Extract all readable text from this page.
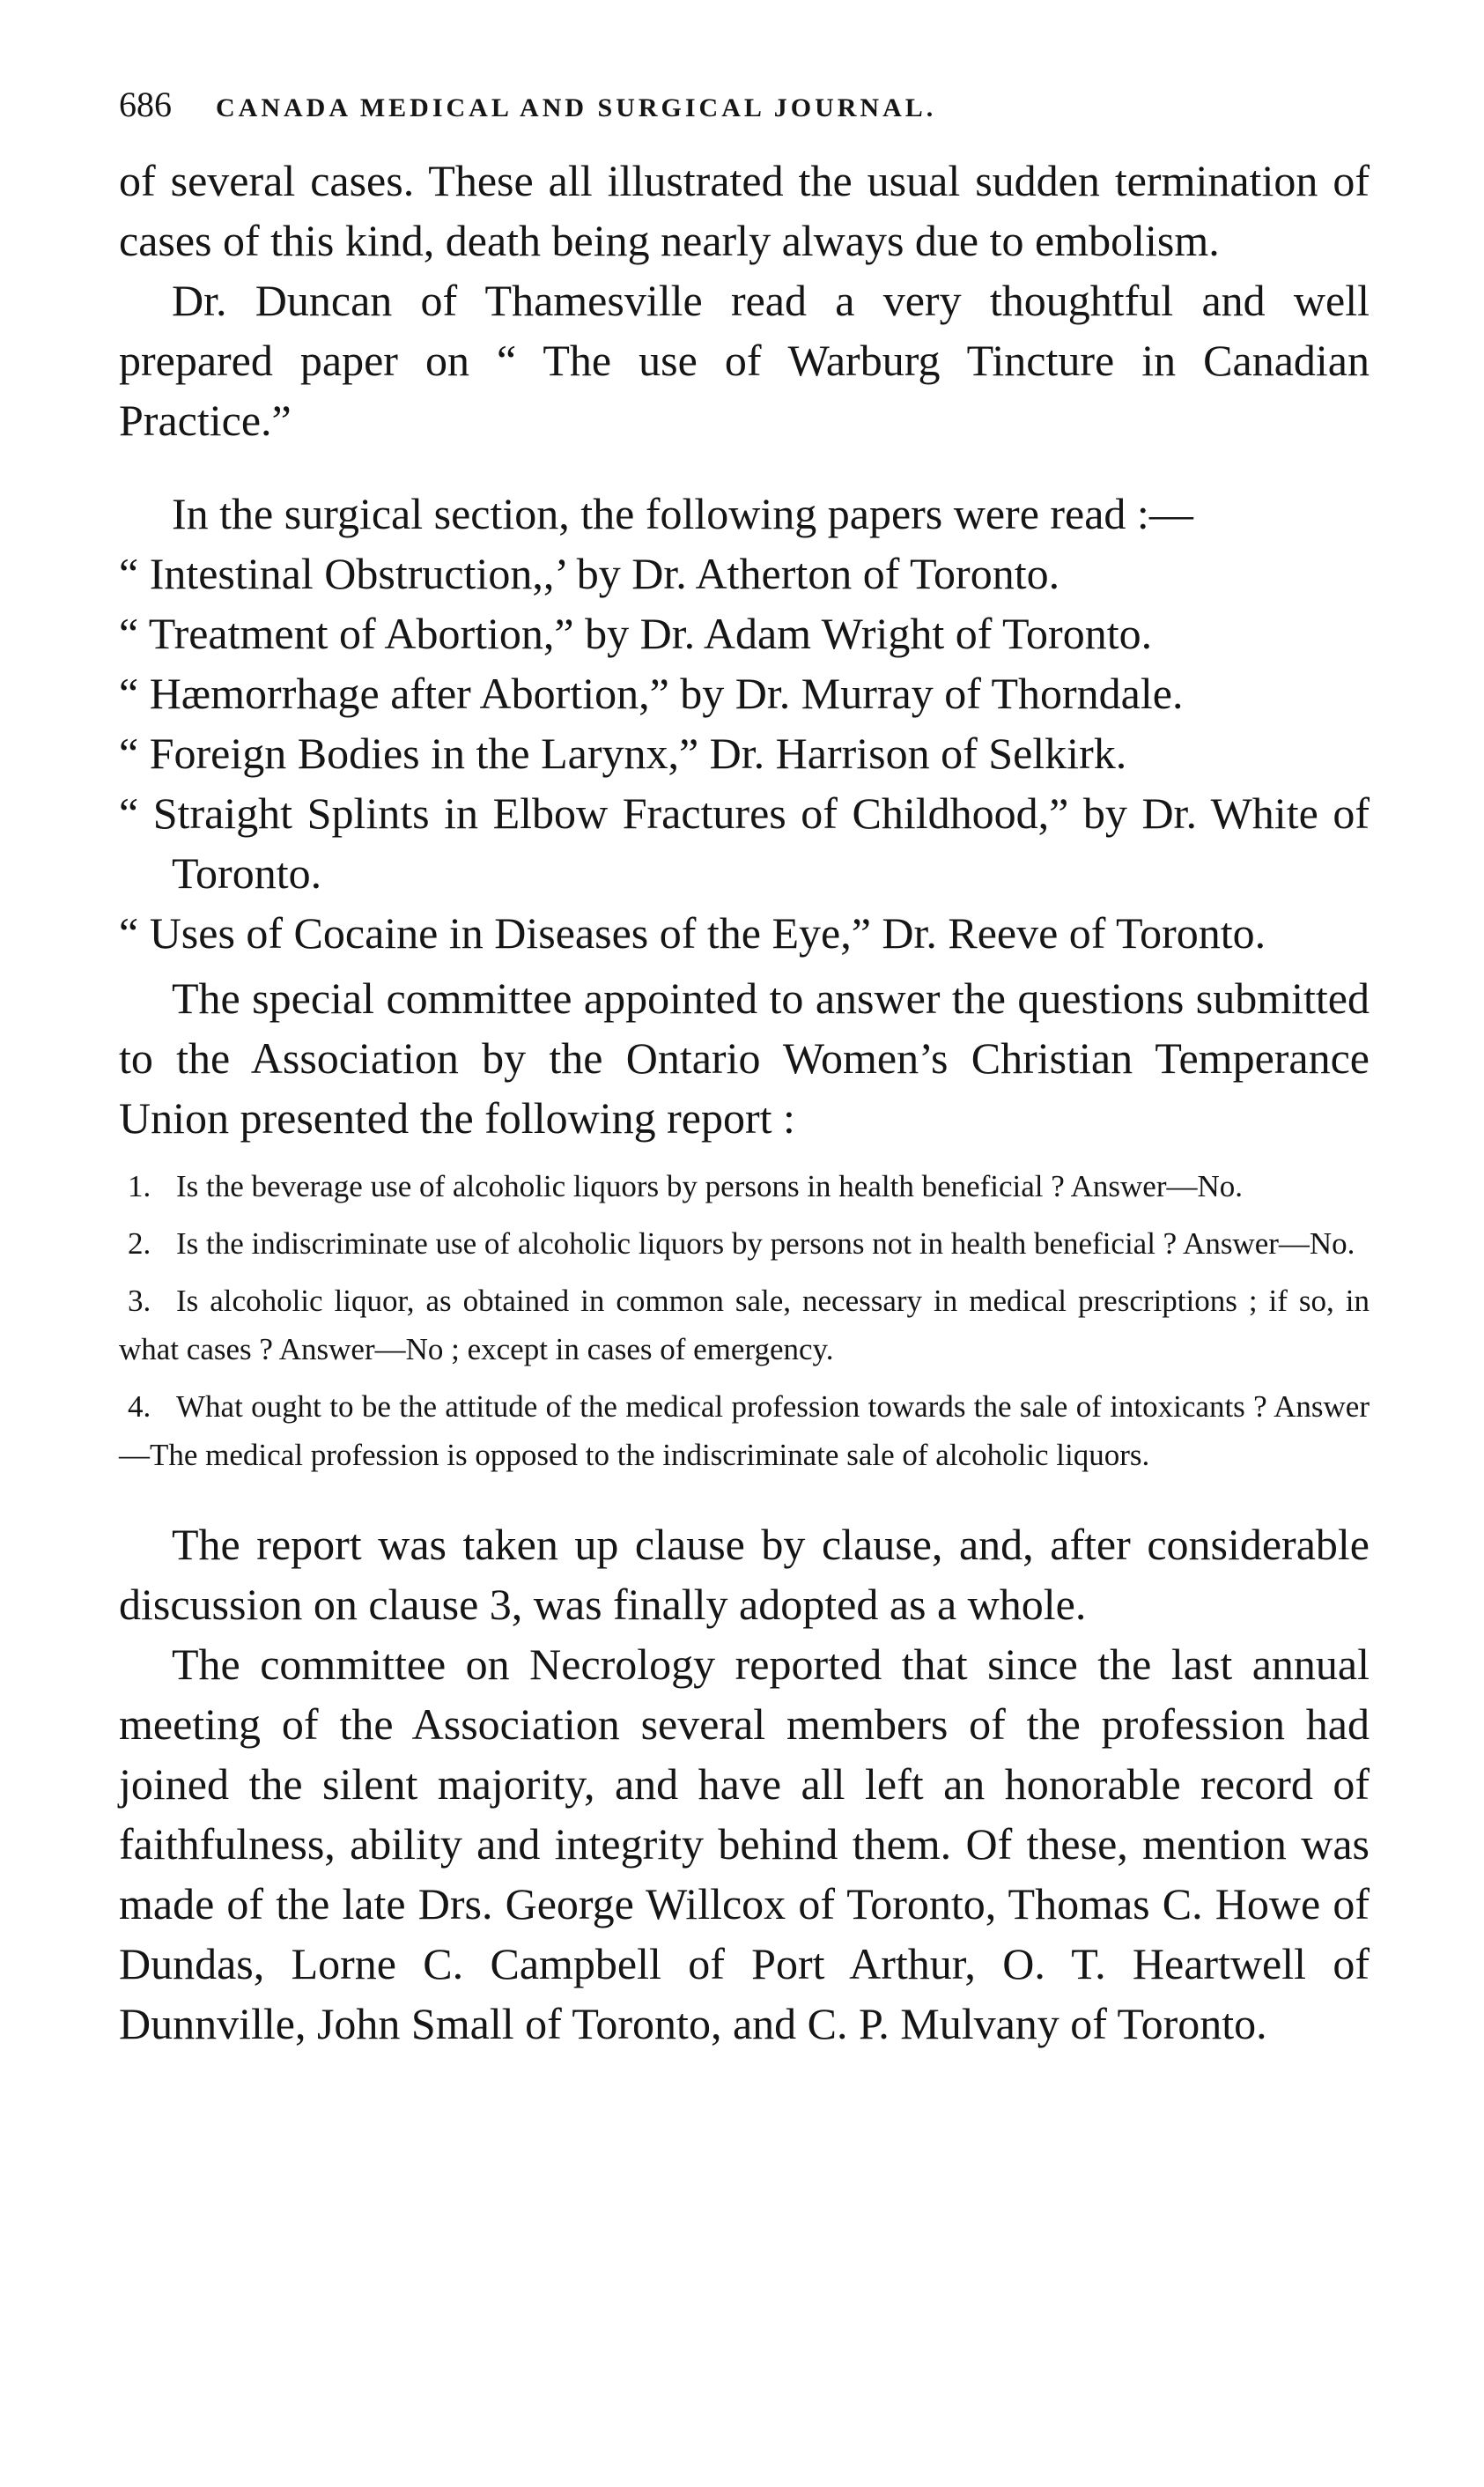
686	CANADA MEDICAL AND SURGICAL JOURNAL.

of several cases. These all illustrated the usual sudden termination of cases of this kind, death being nearly always due to embolism.

Dr. Duncan of Thamesville read a very thoughtful and well prepared paper on “ The use of Warburg Tincture in Canadian Practice.”

In the surgical section, the following papers were read :—

“ Intestinal Obstruction,,’ by Dr. Atherton of Toronto.
“ Treatment of Abortion,” by Dr. Adam Wright of Toronto.
“ Hæmorrhage after Abortion,” by Dr. Murray of Thorndale.
“ Foreign Bodies in the Larynx,” Dr. Harrison of Selkirk.
“ Straight Splints in Elbow Fractures of Childhood,” by Dr. White of Toronto.
“ Uses of Cocaine in Diseases of the Eye,” Dr. Reeve of Toronto.

The special committee appointed to answer the questions submitted to the Association by the Ontario Women’s Christian Temperance Union presented the following report :

1. Is the beverage use of alcoholic liquors by persons in health beneficial ? Answer—No.

2. Is the indiscriminate use of alcoholic liquors by persons not in health beneficial ? Answer—No.

3. Is alcoholic liquor, as obtained in common sale, necessary in medical prescriptions ; if so, in what cases ? Answer—No ; except in cases of emergency.

4. What ought to be the attitude of the medical profession towards the sale of intoxicants ? Answer—The medical profession is opposed to the indiscriminate sale of alcoholic liquors.

The report was taken up clause by clause, and, after considerable discussion on clause 3, was finally adopted as a whole.

The committee on Necrology reported that since the last annual meeting of the Association several members of the profession had joined the silent majority, and have all left an honorable record of faithfulness, ability and integrity behind them. Of these, mention was made of the late Drs. George Willcox of Toronto, Thomas C. Howe of Dundas, Lorne C. Campbell of Port Arthur, O. T. Heartwell of Dunnville, John Small of Toronto, and C. P. Mulvany of Toronto.
